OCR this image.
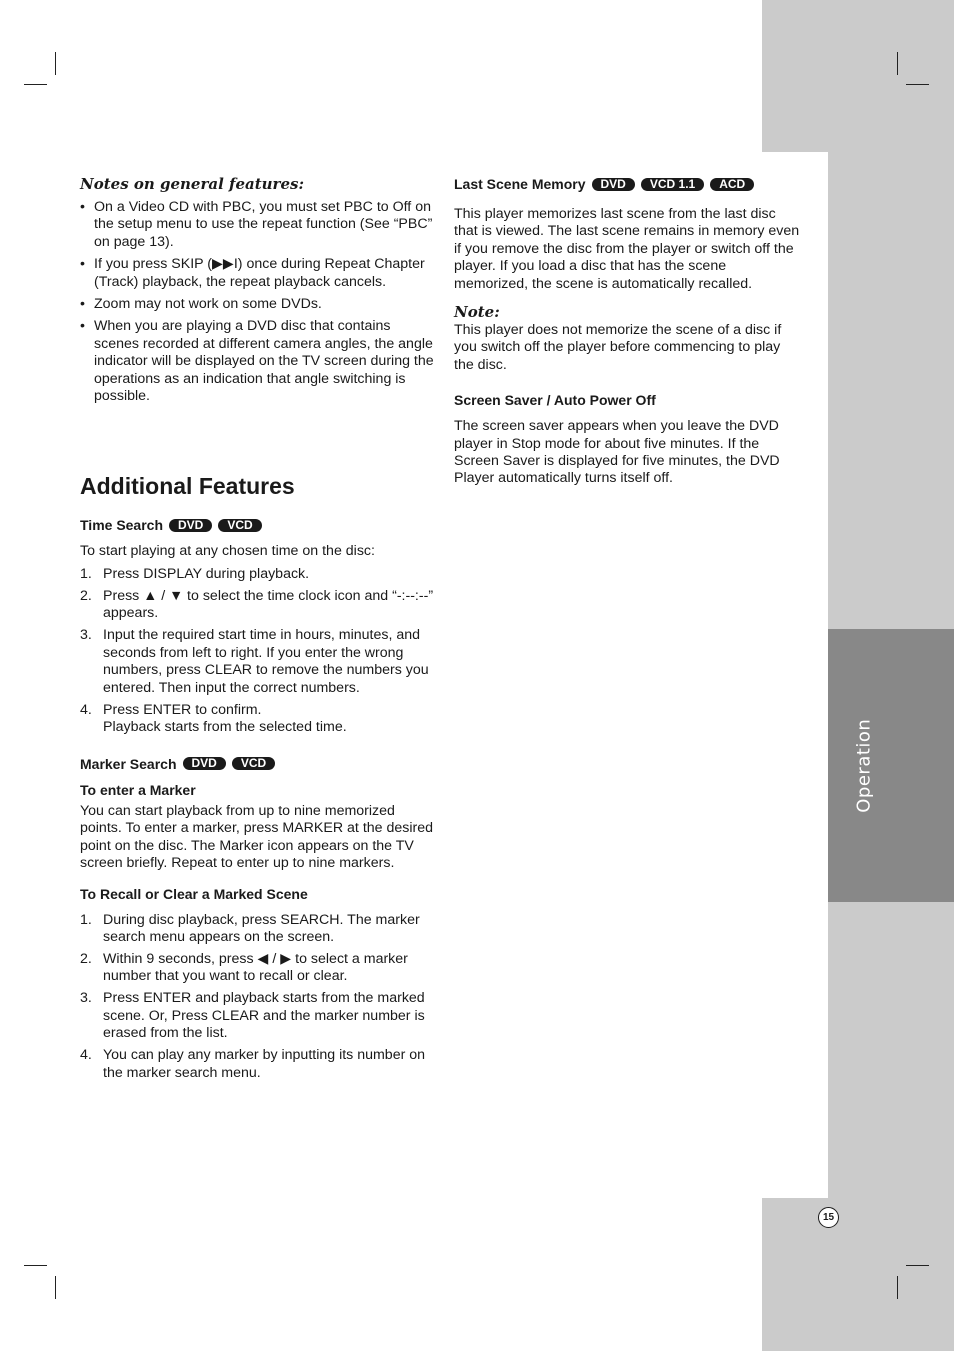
Operation
Notes on general features:
• On a Video CD with PBC, you must set PBC to Off on the setup menu to use the repeat function (See “PBC” on page 13).
• If you press SKIP (▶▶I) once during Repeat Chapter (Track) playback, the repeat playback cancels.
• Zoom may not work on some DVDs.
• When you are playing a DVD disc that contains scenes recorded at different camera angles, the angle indicator will be displayed on the TV screen during the operations as an indication that angle switching is possible.
Additional Features
Time Search	DVD	VCD

To start playing at any chosen time on the disc:

1. Press DISPLAY during playback.
2. Press ▲ / ▼ to select the time clock icon and “-:--:--” appears.
3. Input the required start time in hours, minutes, and seconds from left to right. If you enter the wrong numbers, press CLEAR to remove the numbers you entered. Then input the correct numbers.
4. Press ENTER to confirm.
Playback starts from the selected time.
Marker Search	DVD	VCD
To enter a Marker

You can start playback from up to nine memorized points. To enter a marker, press MARKER at the desired point on the disc. The Marker icon appears on the TV screen briefly. Repeat to enter up to nine markers.

To Recall or Clear a Marked Scene
1. During disc playback, press SEARCH. The marker search menu appears on the screen.
2. Within 9 seconds, press ◀ / ▶ to select a marker number that you want to recall or clear.
3. Press ENTER and playback starts from the marked scene. Or, Press CLEAR and the marker number is erased from the list.
4. You can play any marker by inputting its number on the marker search menu.
Last Scene Memory	DVD	VCD 1.1	ACD

This player memorizes last scene from the last disc that is viewed. The last scene remains in memory even if you remove the disc from the player or switch off the player. If you load a disc that has the scene memorized, the scene is automatically recalled.

Note:

This player does not memorize the scene of a disc if you switch off the player before commencing to play the disc.

Screen Saver / Auto Power Off

The screen saver appears when you leave the DVD player in Stop mode for about five minutes. If the Screen Saver is displayed for five minutes, the DVD Player automatically turns itself off.

15
